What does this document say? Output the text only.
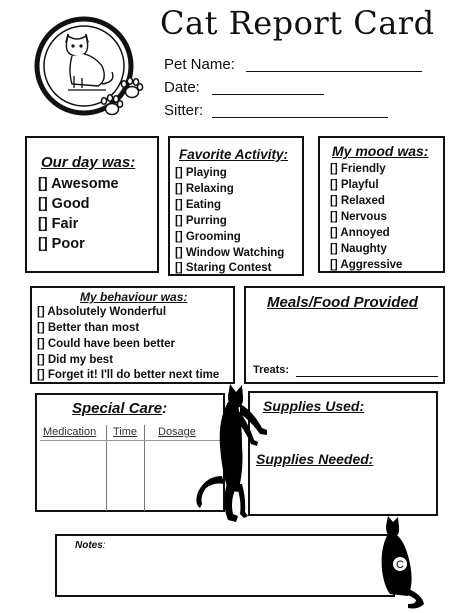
Cat Report Card
Pet Name:
Date:
Sitter:
Our day was:
[] Awesome
[] Good
[] Fair
[] Poor
Favorite Activity:
[] Playing
[] Relaxing
[] Eating
[] Purring
[] Grooming
[] Window Watching
[] Staring Contest
My mood was:
[] Friendly
[] Playful
[] Relaxed
[] Nervous
[] Annoyed
[] Naughty
[] Aggressive
My behaviour was:
[] Absolutely Wonderful
[] Better than most
[] Could have been better
[] Did my best
[] Forget it! I'll do better next time
Meals/Food Provided
Treats:
Special Care:
Medication Time Dosage
Supplies Used:
Supplies Needed:
Notes:
C
